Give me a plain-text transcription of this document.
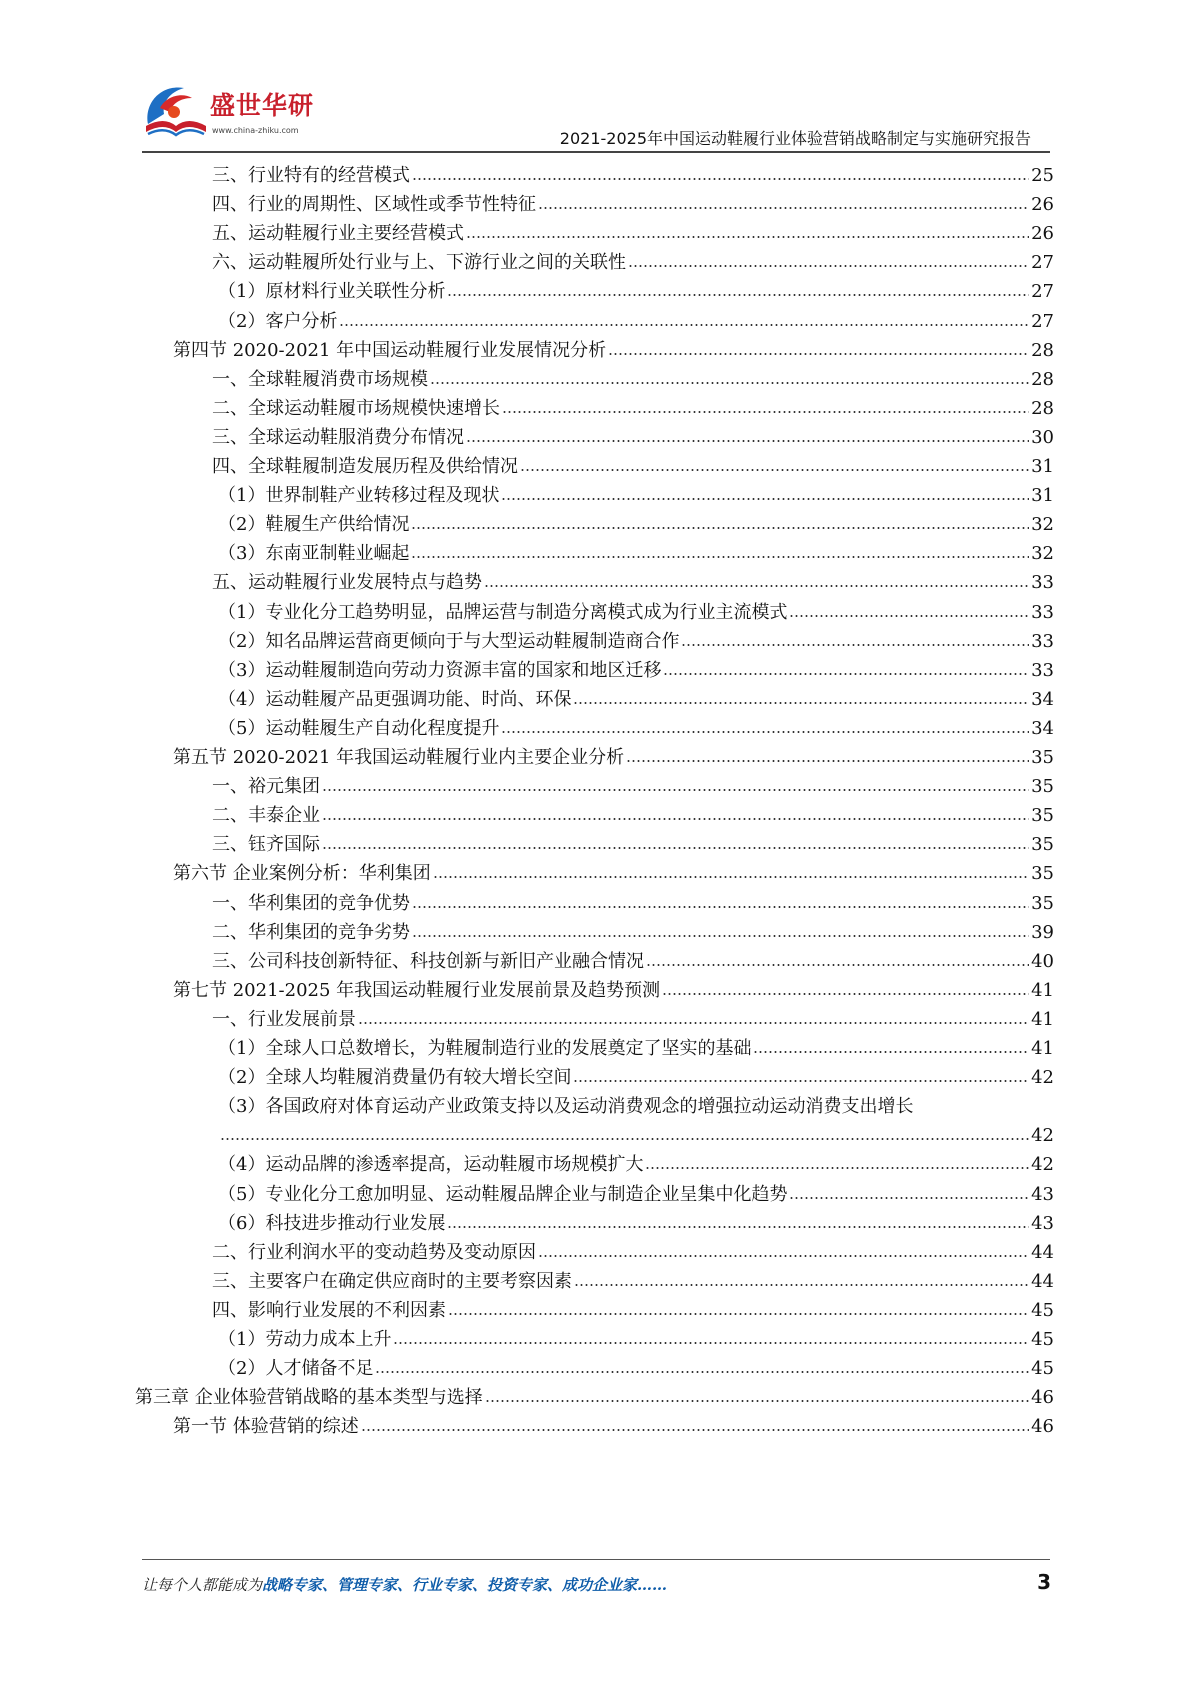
盛世华研
www.china-zhiku.com	2021-2025年中国运动鞋履行业体验营销战略制定与实施研究报告
三、行业特有的经营模式	25
四、行业的周期性、区域性或季节性特征	26
五、运动鞋履行业主要经营模式	26
六、运动鞋履所处行业与上、下游行业之间的关联性	27
（1）原材料行业关联性分析	27
（2）客户分析	27
第四节 2020-2021 年中国运动鞋履行业发展情况分析	28
一、全球鞋履消费市场规模	28
二、全球运动鞋履市场规模快速增长	28
三、全球运动鞋服消费分布情况	30
四、全球鞋履制造发展历程及供给情况	31
（1）世界制鞋产业转移过程及现状	31
（2）鞋履生产供给情况	32
（3）东南亚制鞋业崛起	32
五、运动鞋履行业发展特点与趋势	33
（1）专业化分工趋势明显，品牌运营与制造分离模式成为行业主流模式	33
（2）知名品牌运营商更倾向于与大型运动鞋履制造商合作	33
（3）运动鞋履制造向劳动力资源丰富的国家和地区迁移	33
（4）运动鞋履产品更强调功能、时尚、环保	34
（5）运动鞋履生产自动化程度提升	34
第五节 2020-2021 年我国运动鞋履行业内主要企业分析	35
一、裕元集团	35
二、丰泰企业	35
三、钰齐国际	35
第六节 企业案例分析：华利集团	35
一、华利集团的竞争优势	35
二、华利集团的竞争劣势	39
三、公司科技创新特征、科技创新与新旧产业融合情况	40
第七节 2021-2025 年我国运动鞋履行业发展前景及趋势预测	41
一、行业发展前景	41
（1）全球人口总数增长，为鞋履制造行业的发展奠定了坚实的基础	41
（2）全球人均鞋履消费量仍有较大增长空间	42
（3）各国政府对体育运动产业政策支持以及运动消费观念的增强拉动运动消费支出增长
42
（4）运动品牌的渗透率提高，运动鞋履市场规模扩大	42
（5）专业化分工愈加明显、运动鞋履品牌企业与制造企业呈集中化趋势	43
（6）科技进步推动行业发展	43
二、行业利润水平的变动趋势及变动原因	44
三、主要客户在确定供应商时的主要考察因素	44
四、影响行业发展的不利因素	45
（1）劳动力成本上升	45
（2）人才储备不足	45
第三章 企业体验营销战略的基本类型与选择	46
第一节 体验营销的综述	46
让每个人都能成为战略专家、管理专家、行业专家、投资专家、成功企业家……	3
